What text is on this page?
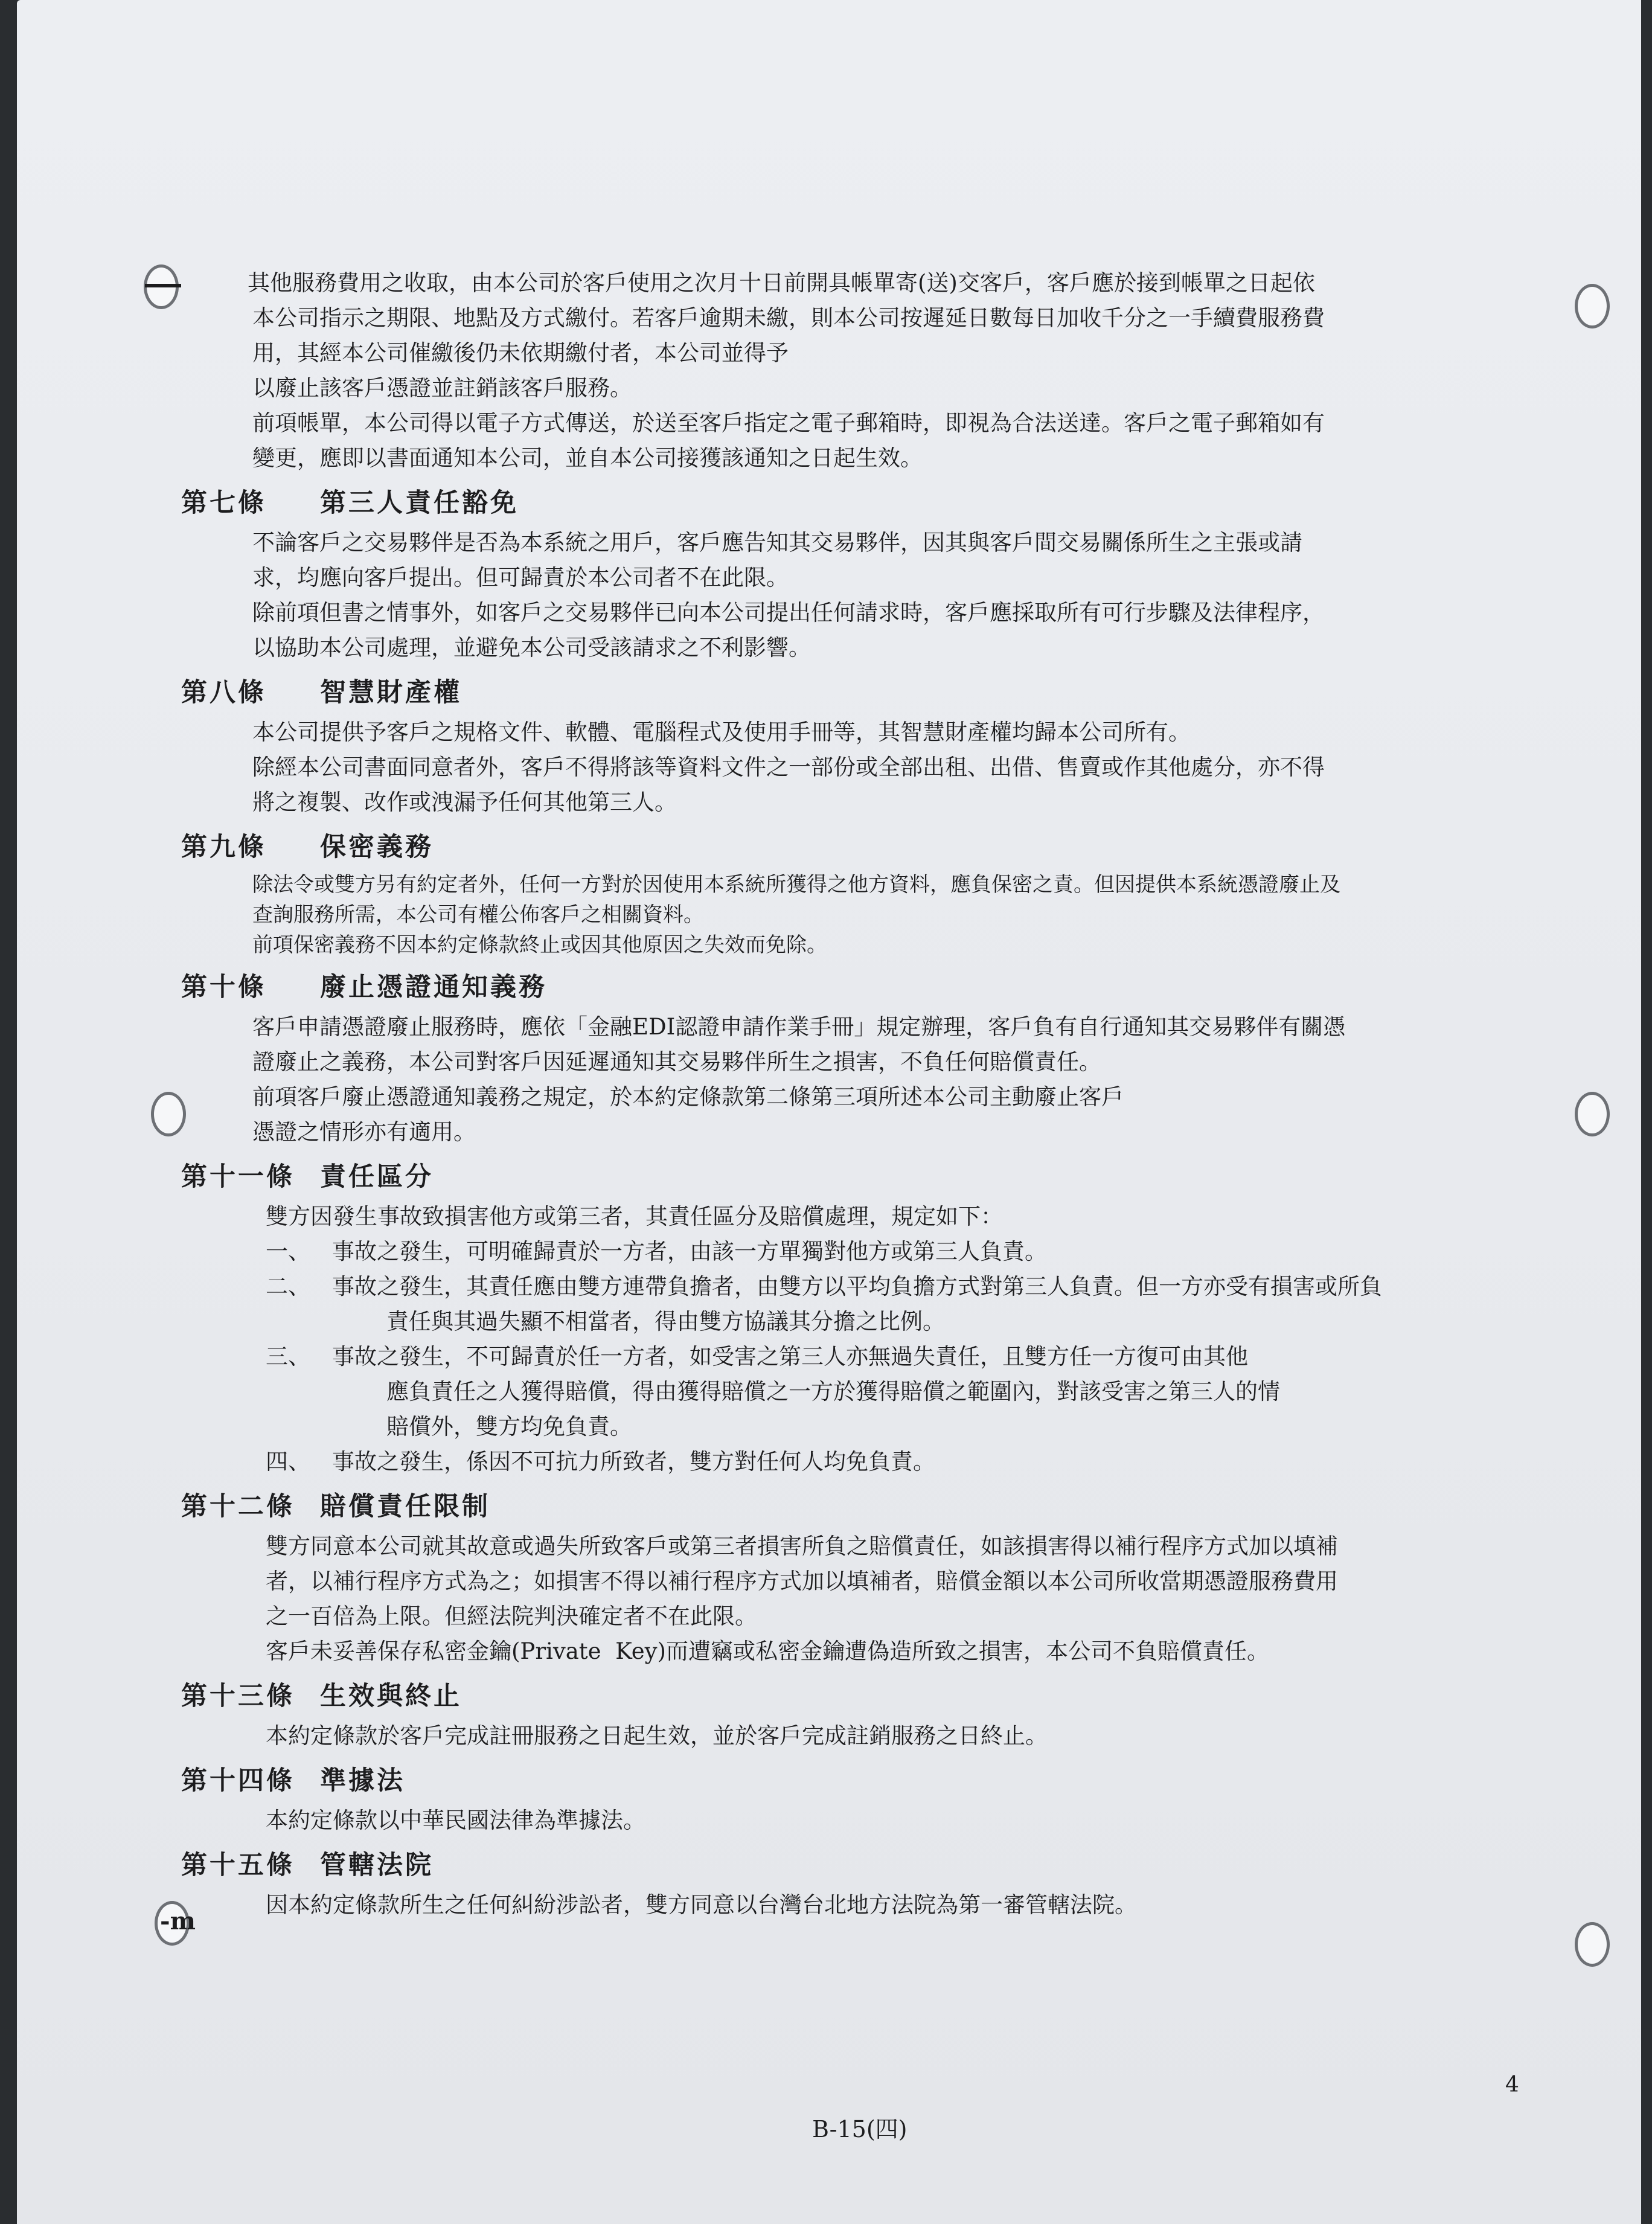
-m
其他服務費用之收取，由本公司於客戶使用之次月十日前開具帳單寄(送)交客戶，客戶應於接到帳單之日起依
本公司指示之期限、地點及方式繳付。若客戶逾期未繳，則本公司按遲延日數每日加收千分之一手續費服務費
用，其經本公司催繳後仍未依期繳付者，本公司並得予
以廢止該客戶憑證並註銷該客戶服務。
前項帳單，本公司得以電子方式傳送，於送至客戶指定之電子郵箱時，即視為合法送達。客戶之電子郵箱如有
變更，應即以書面通知本公司，並自本公司接獲該通知之日起生效。
第七條 第三人責任豁免
不論客戶之交易夥伴是否為本系統之用戶，客戶應告知其交易夥伴，因其與客戶間交易關係所生之主張或請
求，均應向客戶提出。但可歸責於本公司者不在此限。
除前項但書之情事外，如客戶之交易夥伴已向本公司提出任何請求時，客戶應採取所有可行步驟及法律程序，
以協助本公司處理，並避免本公司受該請求之不利影響。
第八條 智慧財產權
本公司提供予客戶之規格文件、軟體、電腦程式及使用手冊等，其智慧財產權均歸本公司所有。
除經本公司書面同意者外，客戶不得將該等資料文件之一部份或全部出租、出借、售賣或作其他處分，亦不得
將之複製、改作或洩漏予任何其他第三人。
第九條 保密義務
除法令或雙方另有約定者外，任何一方對於因使用本系統所獲得之他方資料，應負保密之責。但因提供本系統憑證廢止及
查詢服務所需，本公司有權公佈客戶之相關資料。
前項保密義務不因本約定條款終止或因其他原因之失效而免除。
第十條 廢止憑證通知義務
客戶申請憑證廢止服務時，應依「金融EDI認證申請作業手冊」規定辦理，客戶負有自行通知其交易夥伴有關憑
證廢止之義務，本公司對客戶因延遲通知其交易夥伴所生之損害，不負任何賠償責任。
前項客戶廢止憑證通知義務之規定，於本約定條款第二條第三項所述本公司主動廢止客戶
憑證之情形亦有適用。
第十一條 責任區分
雙方因發生事故致損害他方或第三者，其責任區分及賠償處理，規定如下：
一、 事故之發生，可明確歸責於一方者，由該一方單獨對他方或第三人負責。
二、 事故之發生，其責任應由雙方連帶負擔者，由雙方以平均負擔方式對第三人負責。但一方亦受有損害或所負
責任與其過失顯不相當者，得由雙方協議其分擔之比例。
三、 事故之發生，不可歸責於任一方者，如受害之第三人亦無過失責任，且雙方任一方復可由其他
應負責任之人獲得賠償，得由獲得賠償之一方於獲得賠償之範圍內，對該受害之第三人的情
賠償外，雙方均免負責。
四、 事故之發生，係因不可抗力所致者，雙方對任何人均免負責。
第十二條 賠償責任限制
雙方同意本公司就其故意或過失所致客戶或第三者損害所負之賠償責任，如該損害得以補行程序方式加以填補
者，以補行程序方式為之；如損害不得以補行程序方式加以填補者，賠償金額以本公司所收當期憑證服務費用
之一百倍為上限。但經法院判決確定者不在此限。
客戶未妥善保存私密金鑰(Private  Key)而遭竊或私密金鑰遭偽造所致之損害，本公司不負賠償責任。
第十三條 生效與終止
本約定條款於客戶完成註冊服務之日起生效，並於客戶完成註銷服務之日終止。
第十四條 準據法
本約定條款以中華民國法律為準據法。
第十五條 管轄法院
因本約定條款所生之任何糾紛涉訟者，雙方同意以台灣台北地方法院為第一審管轄法院。
4
B-15(四)
